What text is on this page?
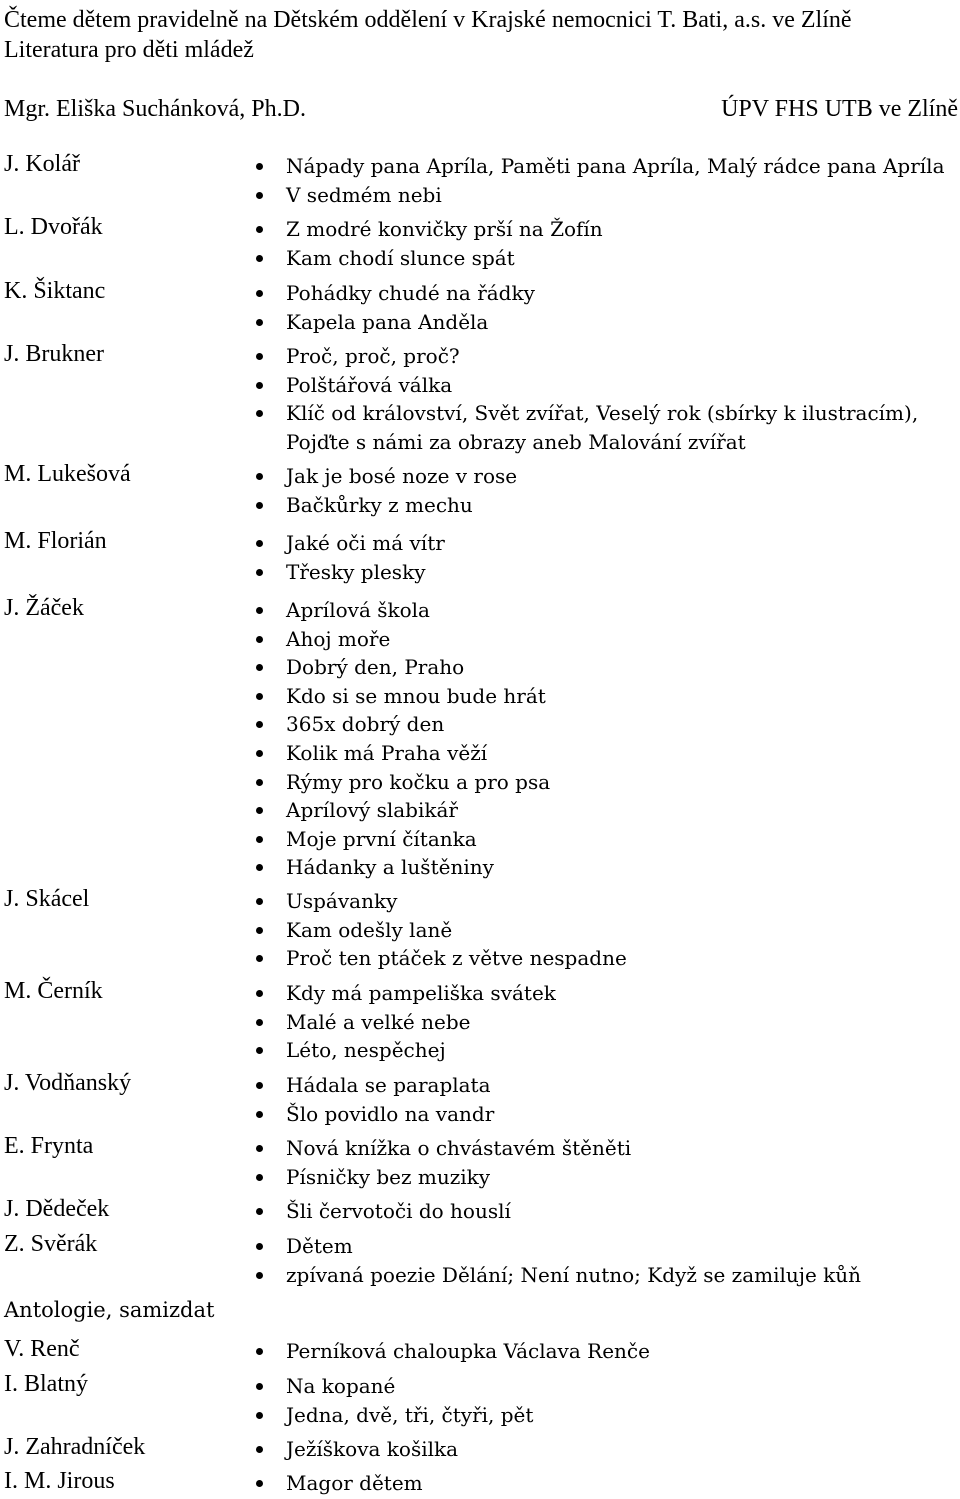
Čteme dětem pravidelně na Dětském oddělení v Krajské nemocnici T. Bati, a.s. ve Zlíně
Literatura pro děti mládež
Mgr. Eliška Suchánková, Ph.D.	ÚPV FHS UTB ve Zlíně
J. Kolář	Nápady pana Apríla, Paměti pana Apríla, Malý rádce pana Apríla
V sedmém nebi
L. Dvořák	Z modré konvičky prší na Žofín
Kam chodí slunce spát
K. Šiktanc	Pohádky chudé na řádky
Kapela pana Anděla
J. Brukner	Proč, proč, proč?
Polštářová válka
Klíč od království, Svět zvířat, Veselý rok (sbírky k ilustracím),
Pojďte s námi za obrazy aneb Malování zvířat
M. Lukešová	Jak je bosé noze v rose
Bačkůrky z mechu
M. Florián	Jaké oči má vítr
Třesky plesky
J. Žáček	Aprílová škola
Ahoj moře
Dobrý den, Praho
Kdo si se mnou bude hrát
365x dobrý den
Kolik má Praha věží
Rýmy pro kočku a pro psa
Aprílový slabikář
Moje první čítanka
Hádanky a luštěniny
J. Skácel	Uspávanky
Kam odešly laně
Proč ten ptáček z větve nespadne
M. Černík	Kdy má pampeliška svátek
Malé a velké nebe
Léto, nespěchej
J. Vodňanský	Hádala se paraplata
Šlo povidlo na vandr
E. Frynta	Nová knížka o chvástavém štěněti
Písničky bez muziky
J. Dědeček	Šli červotoči do houslí
Z. Svěrák	Dětem
zpívaná poezie Dělání; Není nutno; Když se zamiluje kůň
Antologie, samizdat
V. Renč	Perníková chaloupka Václava Renče
I. Blatný	Na kopané
Jedna, dvě, tři, čtyři, pět
J. Zahradníček	Ježíškova košilka
I. M. Jirous	Magor dětem
